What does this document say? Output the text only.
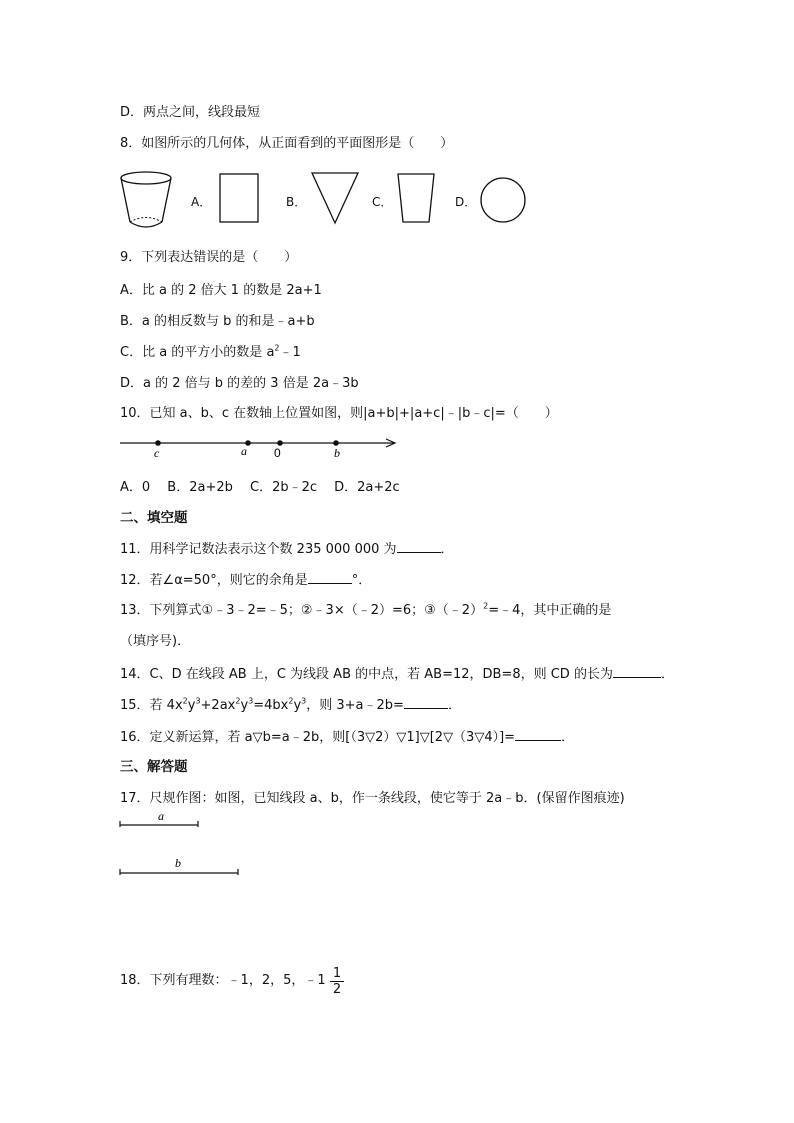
D．两点之间，线段最短
8．如图所示的几何体，从正面看到的平面图形是（　　）
A．	B．	C．	D．
9．下列表达错误的是（　　）
A．比 a 的 2 倍大 1 的数是 2a+1
B．a 的相反数与 b 的和是﹣a+b
C．比 a 的平方小的数是 $a^2﹣1$
D．a 的 2 倍与 b 的差的 3 倍是 2a﹣3b
10．已知 a、b、c 在数轴上位置如图，则|a+b|+|a+c|﹣|b﹣c|=（　　）
c	a 0	b
A．0　 B．2a+2b　 C．2b﹣2c　 D．2a+2c
二、填空题
11．用科学记数法表示这个数 235 000 000 为	．
12．若∠α=50°，则它的余角是	°．
13．下列算式①﹣3﹣2=﹣5；②﹣3×（﹣2）=6；③（﹣2）$^2$=﹣4，其中正确的是
（填序号)．
14．C、D 在线段 AB 上，C 为线段 AB 的中点，若 AB=12，DB=8，则 CD 的长为	．
15．若 $4x^2y^3+2ax^2y^3=4bx^2y^3$，则 3+a﹣2b=	．
16．定义新运算，若 a▽b=a﹣2b，则[（3▽2）▽1]▽[2▽（3▽4）]=	．
三、解答题
17．尺规作图：如图，已知线段 a、b，作一条线段，使它等于 2a﹣b．(保留作图痕迹)
a
b
18．下列有理数：﹣1，2，5，﹣1 1
2
